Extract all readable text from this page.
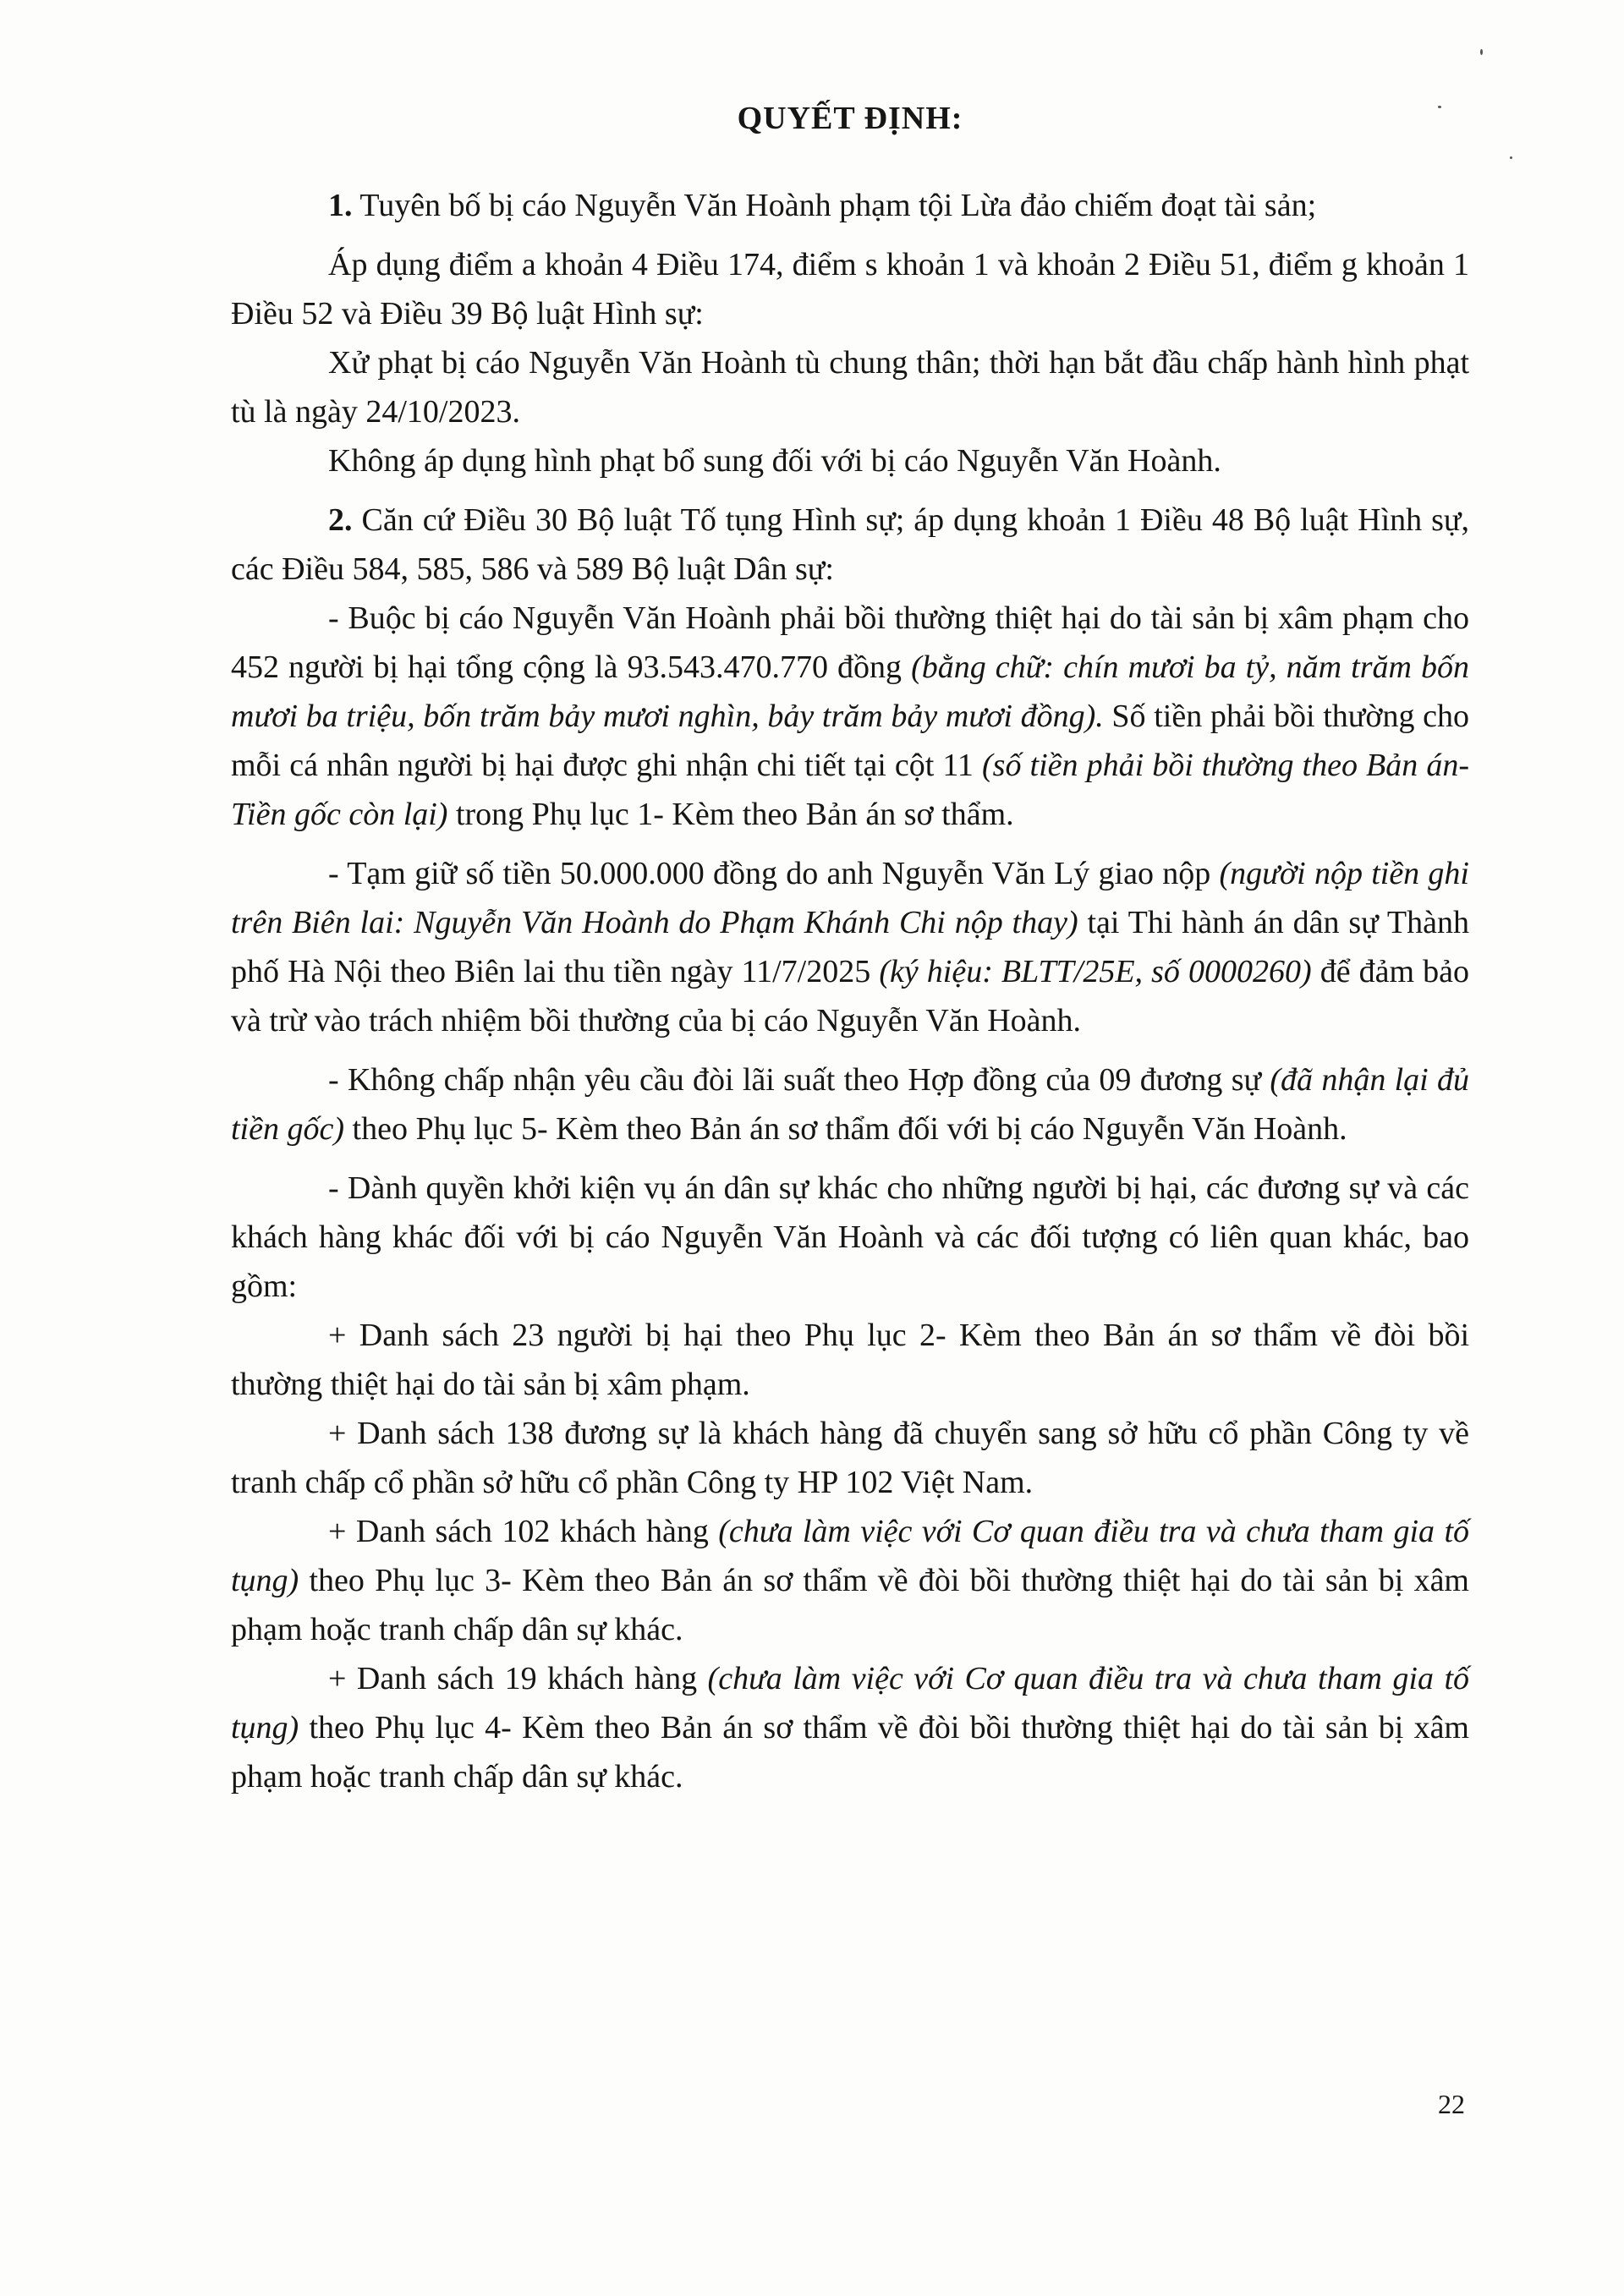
QUYẾT ĐỊNH:

1. Tuyên bố bị cáo Nguyễn Văn Hoành phạm tội Lừa đảo chiếm đoạt tài sản;

Áp dụng điểm a khoản 4 Điều 174, điểm s khoản 1 và khoản 2 Điều 51, điểm g khoản 1 Điều 52 và Điều 39 Bộ luật Hình sự:

Xử phạt bị cáo Nguyễn Văn Hoành tù chung thân; thời hạn bắt đầu chấp hành hình phạt tù là ngày 24/10/2023.

Không áp dụng hình phạt bổ sung đối với bị cáo Nguyễn Văn Hoành.

2. Căn cứ Điều 30 Bộ luật Tố tụng Hình sự; áp dụng khoản 1 Điều 48 Bộ luật Hình sự, các Điều 584, 585, 586 và 589 Bộ luật Dân sự:

- Buộc bị cáo Nguyễn Văn Hoành phải bồi thường thiệt hại do tài sản bị xâm phạm cho 452 người bị hại tổng cộng là 93.543.470.770 đồng (bằng chữ: chín mươi ba tỷ, năm trăm bốn mươi ba triệu, bốn trăm bảy mươi nghìn, bảy trăm bảy mươi đồng). Số tiền phải bồi thường cho mỗi cá nhân người bị hại được ghi nhận chi tiết tại cột 11 (số tiền phải bồi thường theo Bản án- Tiền gốc còn lại) trong Phụ lục 1- Kèm theo Bản án sơ thẩm.

- Tạm giữ số tiền 50.000.000 đồng do anh Nguyễn Văn Lý giao nộp (người nộp tiền ghi trên Biên lai: Nguyễn Văn Hoành do Phạm Khánh Chi nộp thay) tại Thi hành án dân sự Thành phố Hà Nội theo Biên lai thu tiền ngày 11/7/2025 (ký hiệu: BLTT/25E, số 0000260) để đảm bảo và trừ vào trách nhiệm bồi thường của bị cáo Nguyễn Văn Hoành.

- Không chấp nhận yêu cầu đòi lãi suất theo Hợp đồng của 09 đương sự (đã nhận lại đủ tiền gốc) theo Phụ lục 5- Kèm theo Bản án sơ thẩm đối với bị cáo Nguyễn Văn Hoành.

- Dành quyền khởi kiện vụ án dân sự khác cho những người bị hại, các đương sự và các khách hàng khác đối với bị cáo Nguyễn Văn Hoành và các đối tượng có liên quan khác, bao gồm:

+ Danh sách 23 người bị hại theo Phụ lục 2- Kèm theo Bản án sơ thẩm về đòi bồi thường thiệt hại do tài sản bị xâm phạm.

+ Danh sách 138 đương sự là khách hàng đã chuyển sang sở hữu cổ phần Công ty về tranh chấp cổ phần sở hữu cổ phần Công ty HP 102 Việt Nam.

+ Danh sách 102 khách hàng (chưa làm việc với Cơ quan điều tra và chưa tham gia tố tụng) theo Phụ lục 3- Kèm theo Bản án sơ thẩm về đòi bồi thường thiệt hại do tài sản bị xâm phạm hoặc tranh chấp dân sự khác.

+ Danh sách 19 khách hàng (chưa làm việc với Cơ quan điều tra và chưa tham gia tố tụng) theo Phụ lục 4- Kèm theo Bản án sơ thẩm về đòi bồi thường thiệt hại do tài sản bị xâm phạm hoặc tranh chấp dân sự khác.

22
